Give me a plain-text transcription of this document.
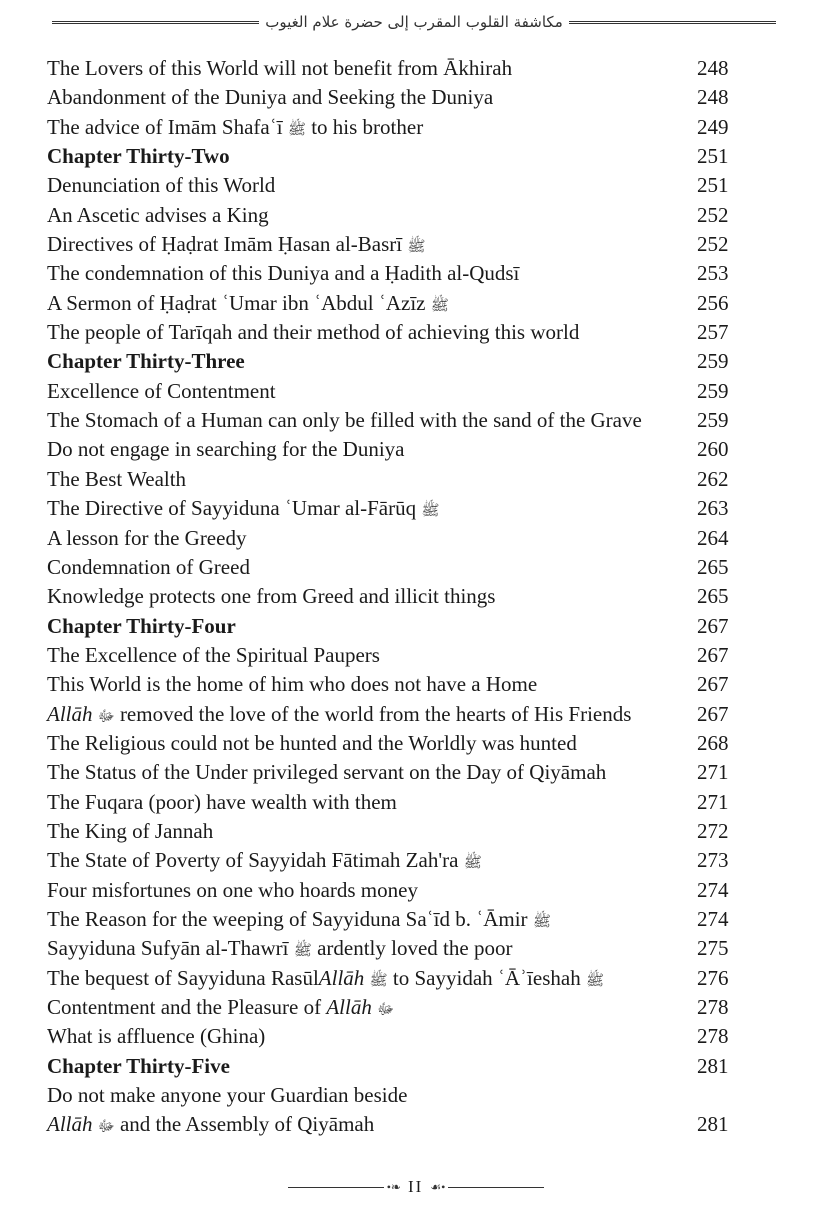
مكاشفة القلوب المقرب إلى حضرة علام الغيوب
The Lovers of this World will not benefit from Ākhirah	248
Abandonment of the Duniya and Seeking the Duniya	248
The advice of Imām Shafaʿī ﷺ to his brother	249
Chapter Thirty-Two	251
Denunciation of this World	251
An Ascetic advises a King	252
Directives of Ḥaḍrat Imām Ḥasan al-Basrī ﷺ	252
The condemnation of this Duniya and a Ḥadith al-Qudsī	253
A Sermon of Ḥaḍrat ʿUmar ibn ʿAbdul ʿAzīz ﷺ	256
The people of Tarīqah and their method of achieving this world	257
Chapter Thirty-Three	259
Excellence of Contentment	259
The Stomach of a Human can only be filled with the sand of the Grave	259
Do not engage in searching for the Duniya	260
The Best Wealth	262
The Directive of Sayyiduna ʿUmar al-Fārūq ﷺ	263
A lesson for the Greedy	264
Condemnation of Greed	265
Knowledge protects one from Greed and illicit things	265
Chapter Thirty-Four	267
The Excellence of the Spiritual Paupers	267
This World is the home of him who does not have a Home	267
Allāh ﷻ removed the love of the world from the hearts of His Friends	267
The Religious could not be hunted and the Worldly was hunted	268
The Status of the Under privileged servant on the Day of Qiyāmah	271
The Fuqara (poor) have wealth with them	271
The King of Jannah	272
The State of Poverty of Sayyidah Fātimah Zah'ra ﷺ	273
Four misfortunes on one who hoards money	274
The Reason for the weeping of Sayyiduna Saʿīd b. ʿĀmir ﷺ	274
Sayyiduna Sufyān al-Thawrī ﷺ ardently loved the poor	275
The bequest of Sayyiduna RasūlAllāh ﷺ to Sayyidah ʿĀʾīeshah ﷺ	276
Contentment and the Pleasure of Allāh ﷻ	278
What is affluence (Ghina)	278
Chapter Thirty-Five	281
Do not make anyone your Guardian beside
Allāh ﷻ and the Assembly of Qiyāmah	281
•❧ II ☙•
